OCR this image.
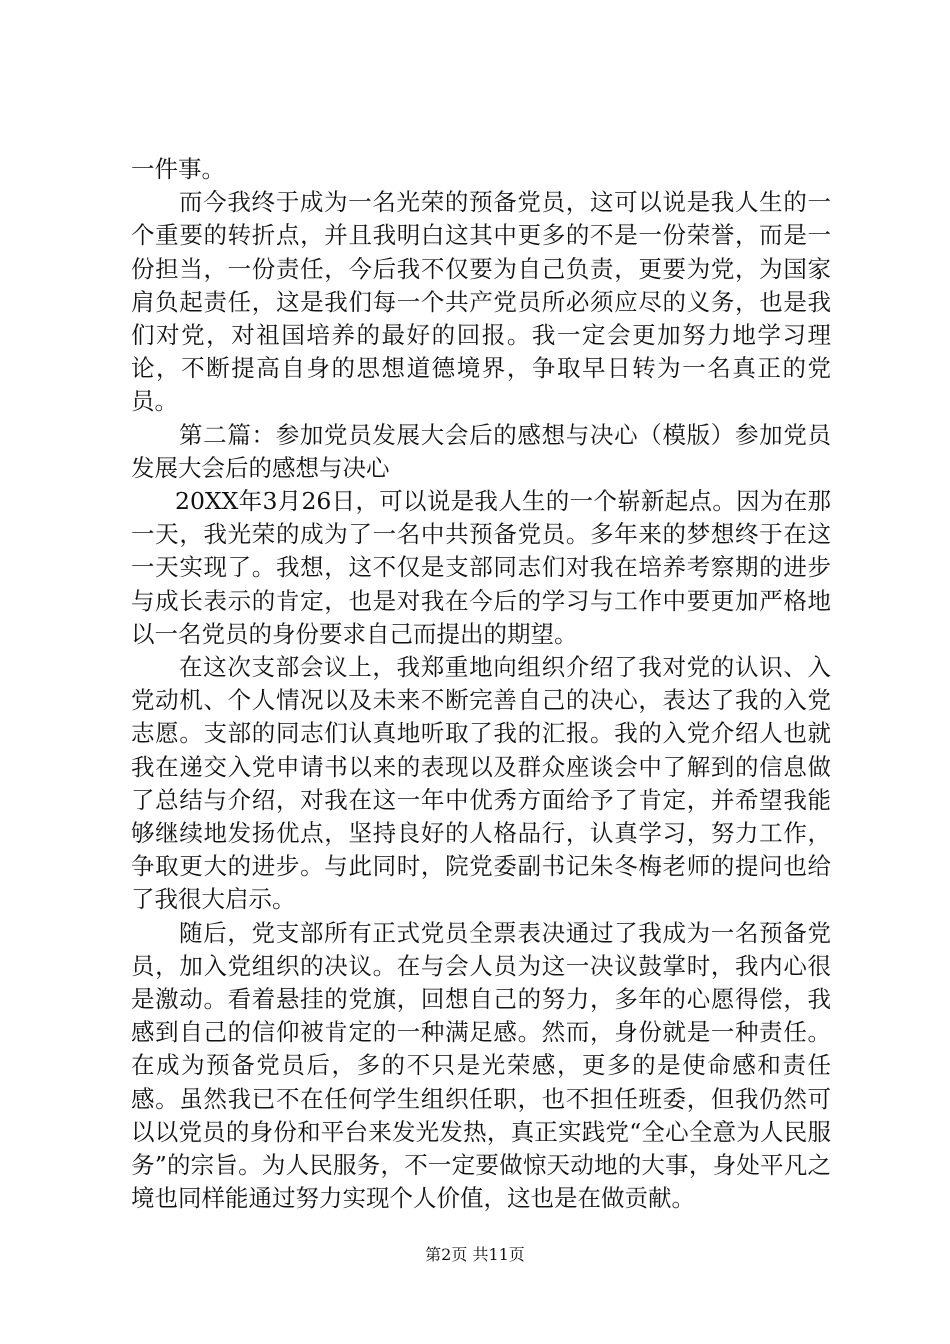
一件事。

而今我终于成为一名光荣的预备党员，这可以说是我人生的一个重要的转折点，并且我明白这其中更多的不是一份荣誉，而是一份担当，一份责任，今后我不仅要为自己负责，更要为党，为国家肩负起责任，这是我们每一个共产党员所必须应尽的义务，也是我们对党，对祖国培养的最好的回报。我一定会更加努力地学习理论，不断提高自身的思想道德境界，争取早日转为一名真正的党员。

第二篇：参加党员发展大会后的感想与决心（模版）参加党员发展大会后的感想与决心

20XX年3月26日，可以说是我人生的一个崭新起点。因为在那一天，我光荣的成为了一名中共预备党员。多年来的梦想终于在这一天实现了。我想，这不仅是支部同志们对我在培养考察期的进步与成长表示的肯定，也是对我在今后的学习与工作中要更加严格地以一名党员的身份要求自己而提出的期望。

在这次支部会议上，我郑重地向组织介绍了我对党的认识、入党动机、个人情况以及未来不断完善自己的决心，表达了我的入党志愿。支部的同志们认真地听取了我的汇报。我的入党介绍人也就我在递交入党申请书以来的表现以及群众座谈会中了解到的信息做了总结与介绍，对我在这一年中优秀方面给予了肯定，并希望我能够继续地发扬优点，坚持良好的人格品行，认真学习，努力工作，争取更大的进步。与此同时，院党委副书记朱冬梅老师的提问也给了我很大启示。

随后，党支部所有正式党员全票表决通过了我成为一名预备党员，加入党组织的决议。在与会人员为这一决议鼓掌时，我内心很是激动。看着悬挂的党旗，回想自己的努力，多年的心愿得偿，我感到自己的信仰被肯定的一种满足感。然而，身份就是一种责任。在成为预备党员后，多的不只是光荣感，更多的是使命感和责任感。虽然我已不在任何学生组织任职，也不担任班委，但我仍然可以以党员的身份和平台来发光发热，真正实践党“全心全意为人民服务”的宗旨。为人民服务，不一定要做惊天动地的大事，身处平凡之境也同样能通过努力实现个人价值，这也是在做贡献。

第2页 共11页
